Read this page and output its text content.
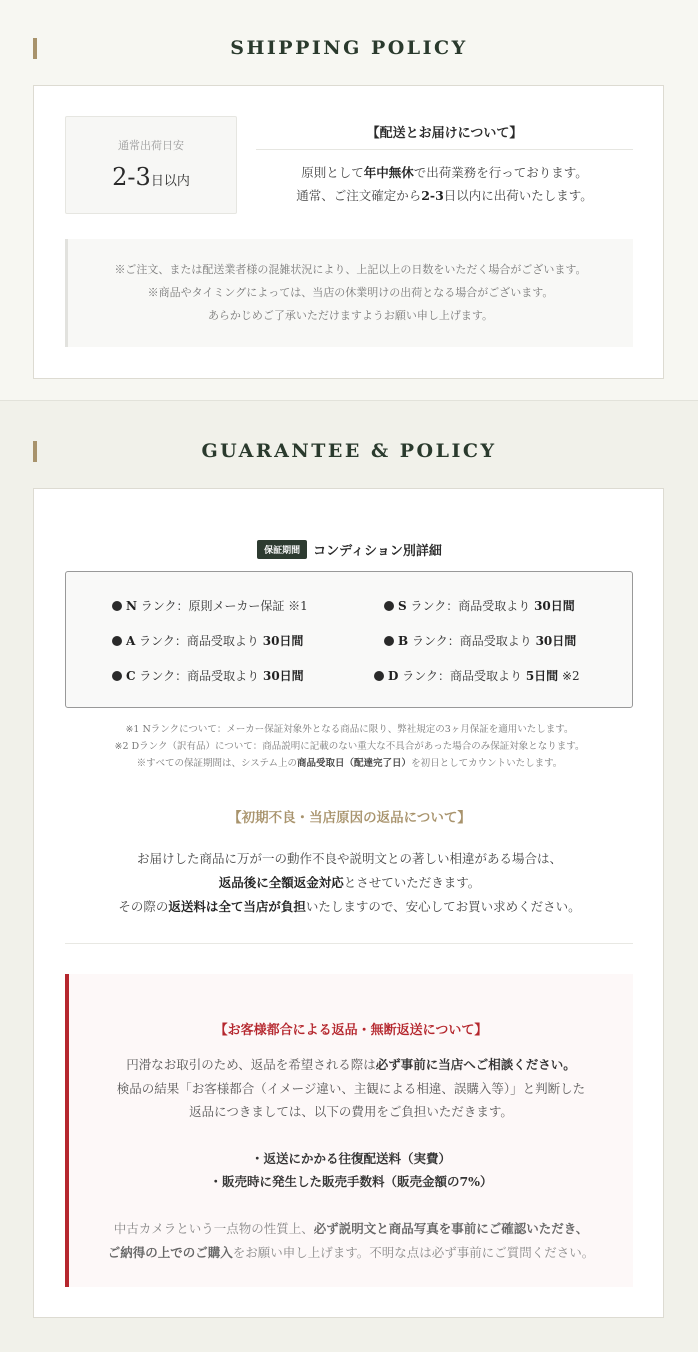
SHIPPING POLICY
通常出荷日安
2-3日以内
【配送とお届けについて】
原則として年中無休で出荷業務を行っております。
通常、ご注文確定から2-3日以内に出荷いたします。
※ご注文、または配送業者様の混雑状況により、上記以上の日数をいただく場合がございます。
※商品やタイミングによっては、当店の休業明けの出荷となる場合がございます。
あらかじめご了承いただけますようお願い申し上げます。
GUARANTEE & POLICY
保証期間 コンディション別詳細
N ランク：原則メーカー保証 ※1	S ランク：商品受取より 30日間
A ランク：商品受取より 30日間	B ランク：商品受取より 30日間
C ランク：商品受取より 30日間	D ランク：商品受取より 5日間 ※2
※1 Nランクについて：メーカー保証対象外となる商品に限り、弊社規定の3ヶ月保証を適用いたします。
※2 Dランク（訳有品）について：商品説明に記載のない重大な不具合があった場合のみ保証対象となります。
※すべての保証期間は、システム上の商品受取日（配達完了日）を初日としてカウントいたします。
【初期不良・当店原因の返品について】
お届けした商品に万が一の動作不良や説明文との著しい相違がある場合は、
返品後に全額返金対応とさせていただきます。
その際の返送料は全て当店が負担いたしますので、安心してお買い求めください。
【お客様都合による返品・無断返送について】
円滑なお取引のため、返品を希望される際は必ず事前に当店へご相談ください。
検品の結果「お客様都合（イメージ違い、主観による相違、誤購入等）」と判断した
返品につきましては、以下の費用をご負担いただきます。
・返送にかかる往復配送料（実費）
・販売時に発生した販売手数料（販売金額の7%）
中古カメラという一点物の性質上、必ず説明文と商品写真を事前にご確認いただき、
ご納得の上でのご購入をお願い申し上げます。不明な点は必ず事前にご質問ください。
